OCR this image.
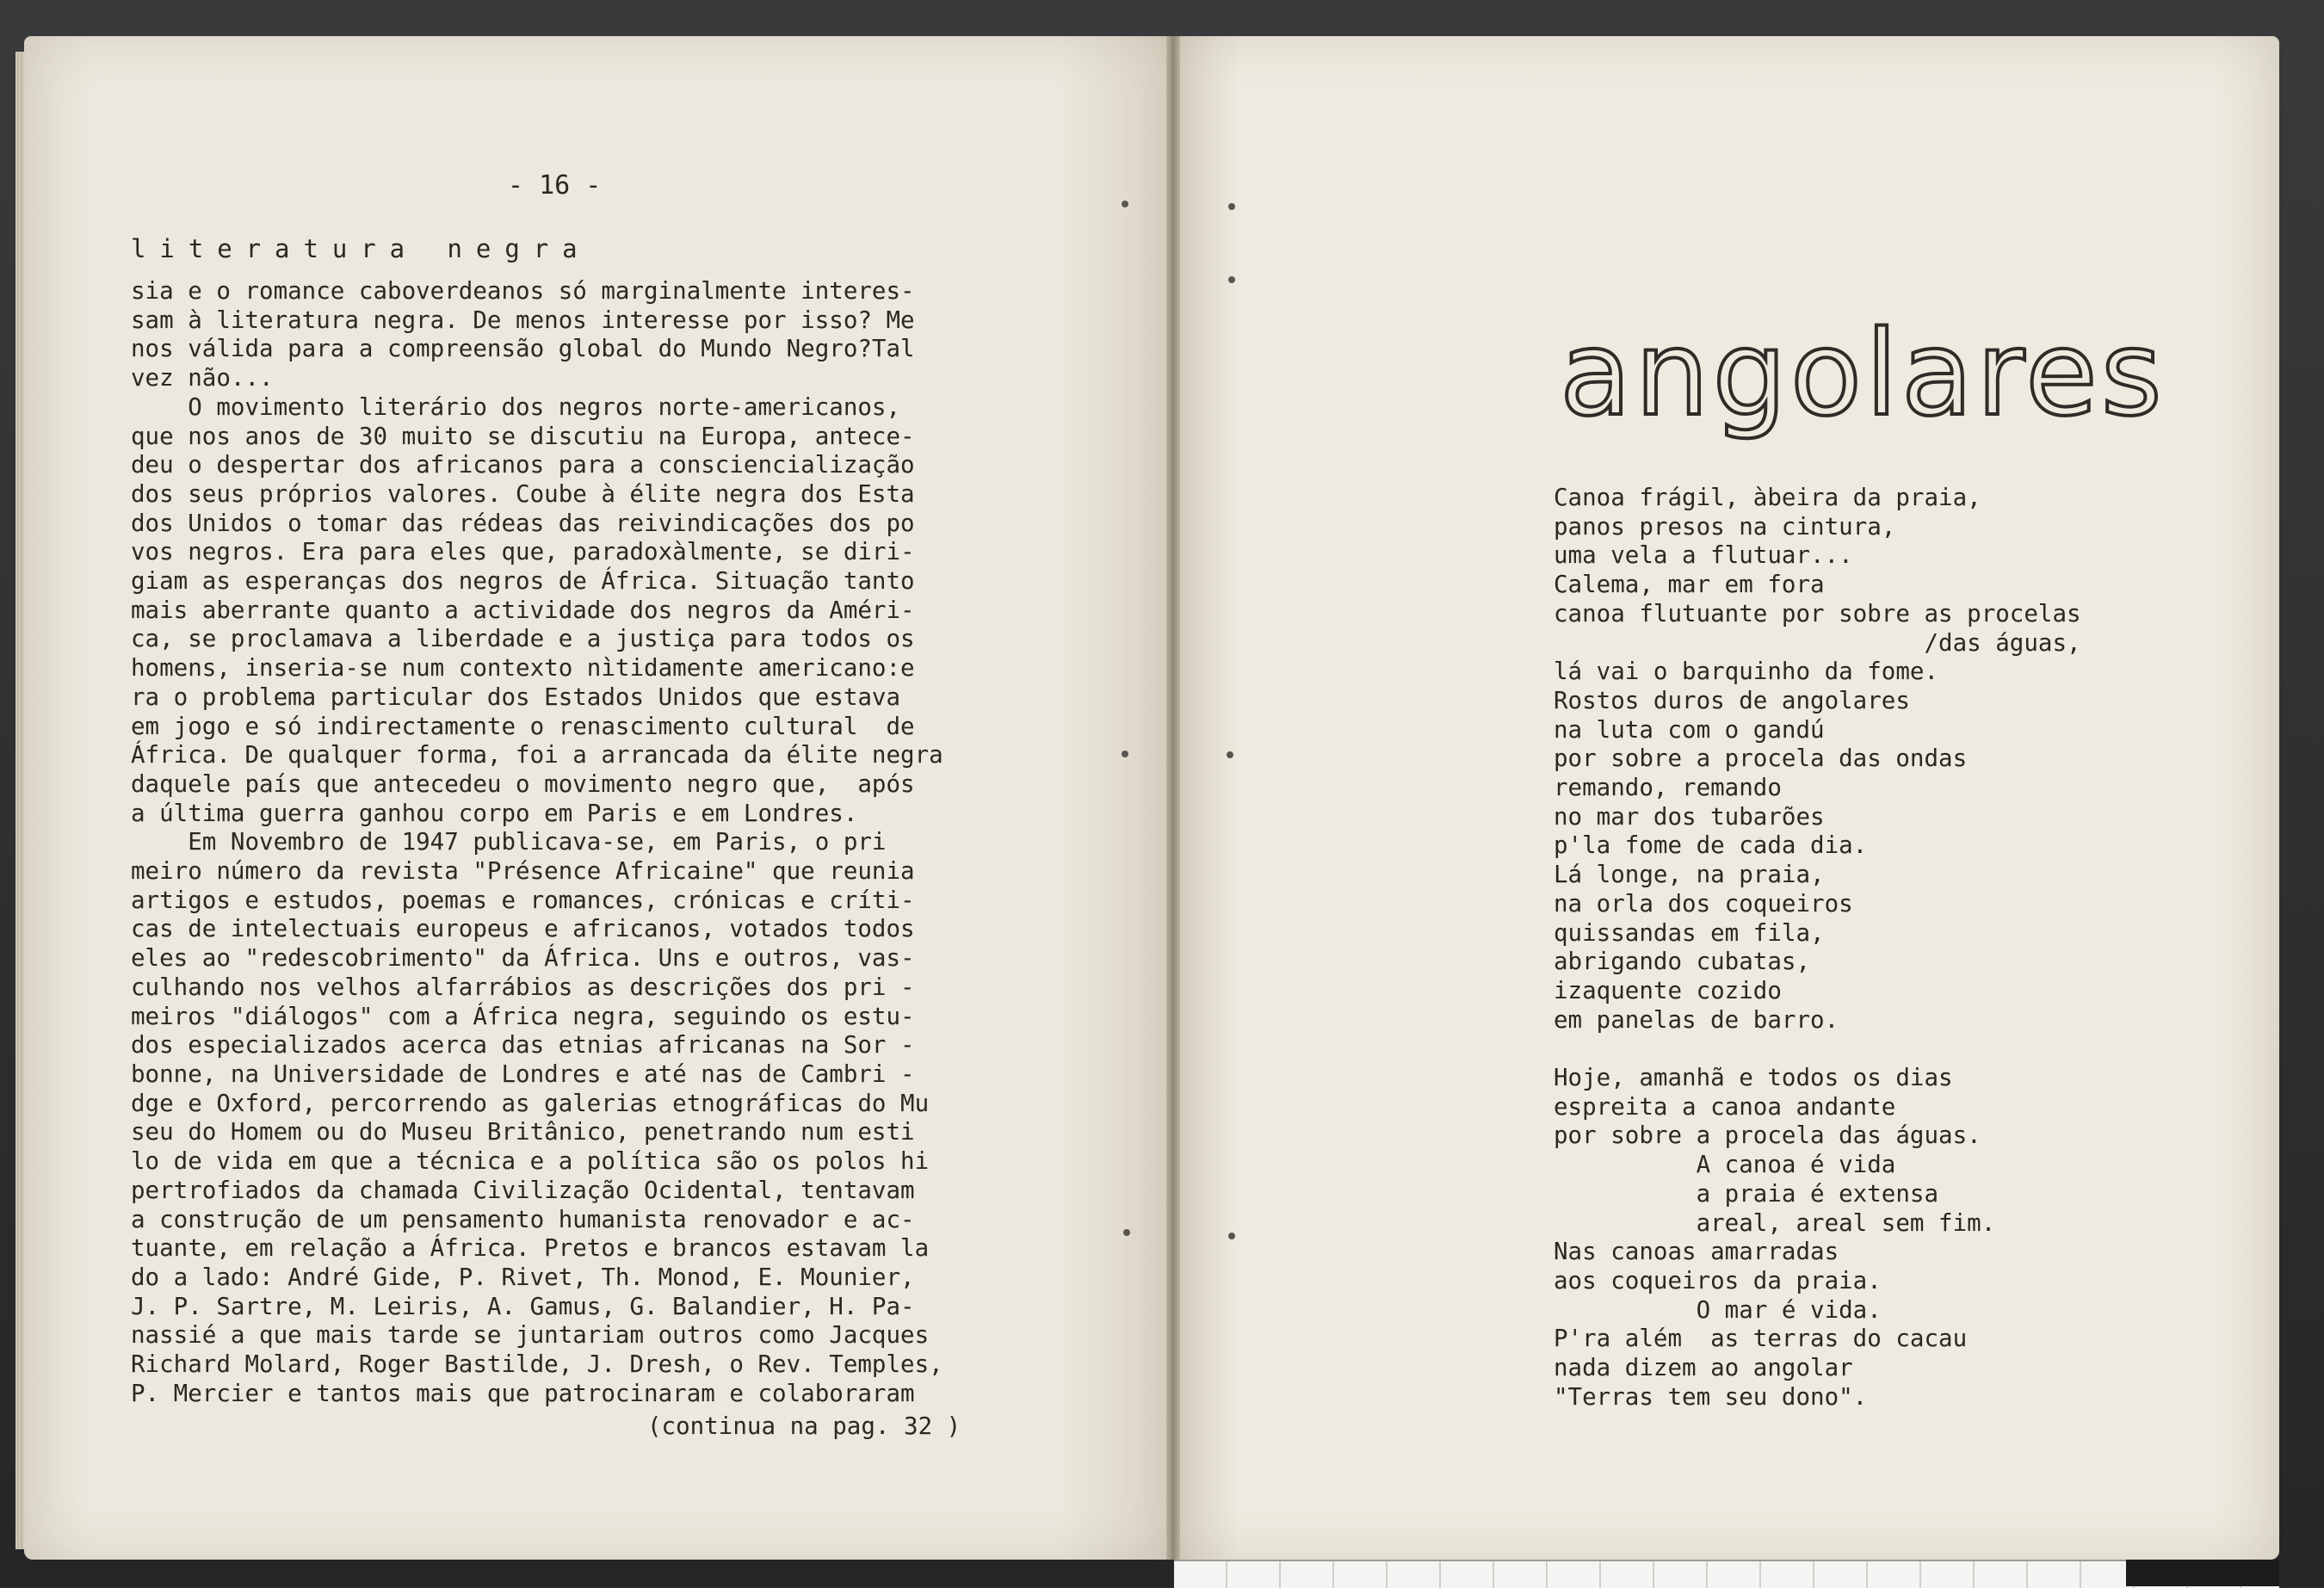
- 16 -
literatura negra
sia e o romance caboverdeanos só marginalmente interes-
sam à literatura negra. De menos interesse por isso? Me
nos válida para a compreensão global do Mundo Negro?Tal
vez não...
O movimento literário dos negros norte-americanos,
que nos anos de 30 muito se discutiu na Europa, antece-
deu o despertar dos africanos para a consciencialização
dos seus próprios valores. Coube à élite negra dos Esta
dos Unidos o tomar das rédeas das reivindicações dos po
vos negros. Era para eles que, paradoxàlmente, se diri-
giam as esperanças dos negros de África. Situação tanto
mais aberrante quanto a actividade dos negros da Améri-
ca, se proclamava a liberdade e a justiça para todos os
homens, inseria-se num contexto nìtidamente americano:e
ra o problema particular dos Estados Unidos que estava
em jogo e só indirectamente o renascimento cultural  de
África. De qualquer forma, foi a arrancada da élite negra
daquele país que antecedeu o movimento negro que,  após
a última guerra ganhou corpo em Paris e em Londres.
Em Novembro de 1947 publicava-se, em Paris, o pri
meiro número da revista "Présence Africaine" que reunia
artigos e estudos, poemas e romances, crónicas e críti-
cas de intelectuais europeus e africanos, votados todos
eles ao "redescobrimento" da África. Uns e outros, vas-
culhando nos velhos alfarrábios as descrições dos pri -
meiros "diálogos" com a África negra, seguindo os estu-
dos especializados acerca das etnias africanas na Sor -
bonne, na Universidade de Londres e até nas de Cambri -
dge e Oxford, percorrendo as galerias etnográficas do Mu
seu do Homem ou do Museu Britânico, penetrando num esti
lo de vida em que a técnica e a política são os polos hi
pertrofiados da chamada Civilização Ocidental, tentavam
a construção de um pensamento humanista renovador e ac-
tuante, em relação a África. Pretos e brancos estavam la
do a lado: André Gide, P. Rivet, Th. Monod, E. Mounier,
J. P. Sartre, M. Leiris, A. Gamus, G. Balandier, H. Pa-
nassié a que mais tarde se juntariam outros como Jacques
Richard Molard, Roger Bastilde, J. Dresh, o Rev. Temples,
P. Mercier e tantos mais que patrocinaram e colaboraram
(continua na pag. 32 )
angolares
Canoa frágil, àbeira da praia,
panos presos na cintura,
uma vela a flutuar...
Calema, mar em fora
canoa flutuante por sobre as procelas
/das águas,
lá vai o barquinho da fome.
Rostos duros de angolares
na luta com o gandú
por sobre a procela das ondas
remando, remando
no mar dos tubarões
p'la fome de cada dia.
Lá longe, na praia,
na orla dos coqueiros
quissandas em fila,
abrigando cubatas,
izaquente cozido
em panelas de barro.

Hoje, amanhã e todos os dias
espreita a canoa andante
por sobre a procela das águas.
A canoa é vida
a praia é extensa
areal, areal sem fim.
Nas canoas amarradas
aos coqueiros da praia.
O mar é vida.
P'ra além  as terras do cacau
nada dizem ao angolar
"Terras tem seu dono".
